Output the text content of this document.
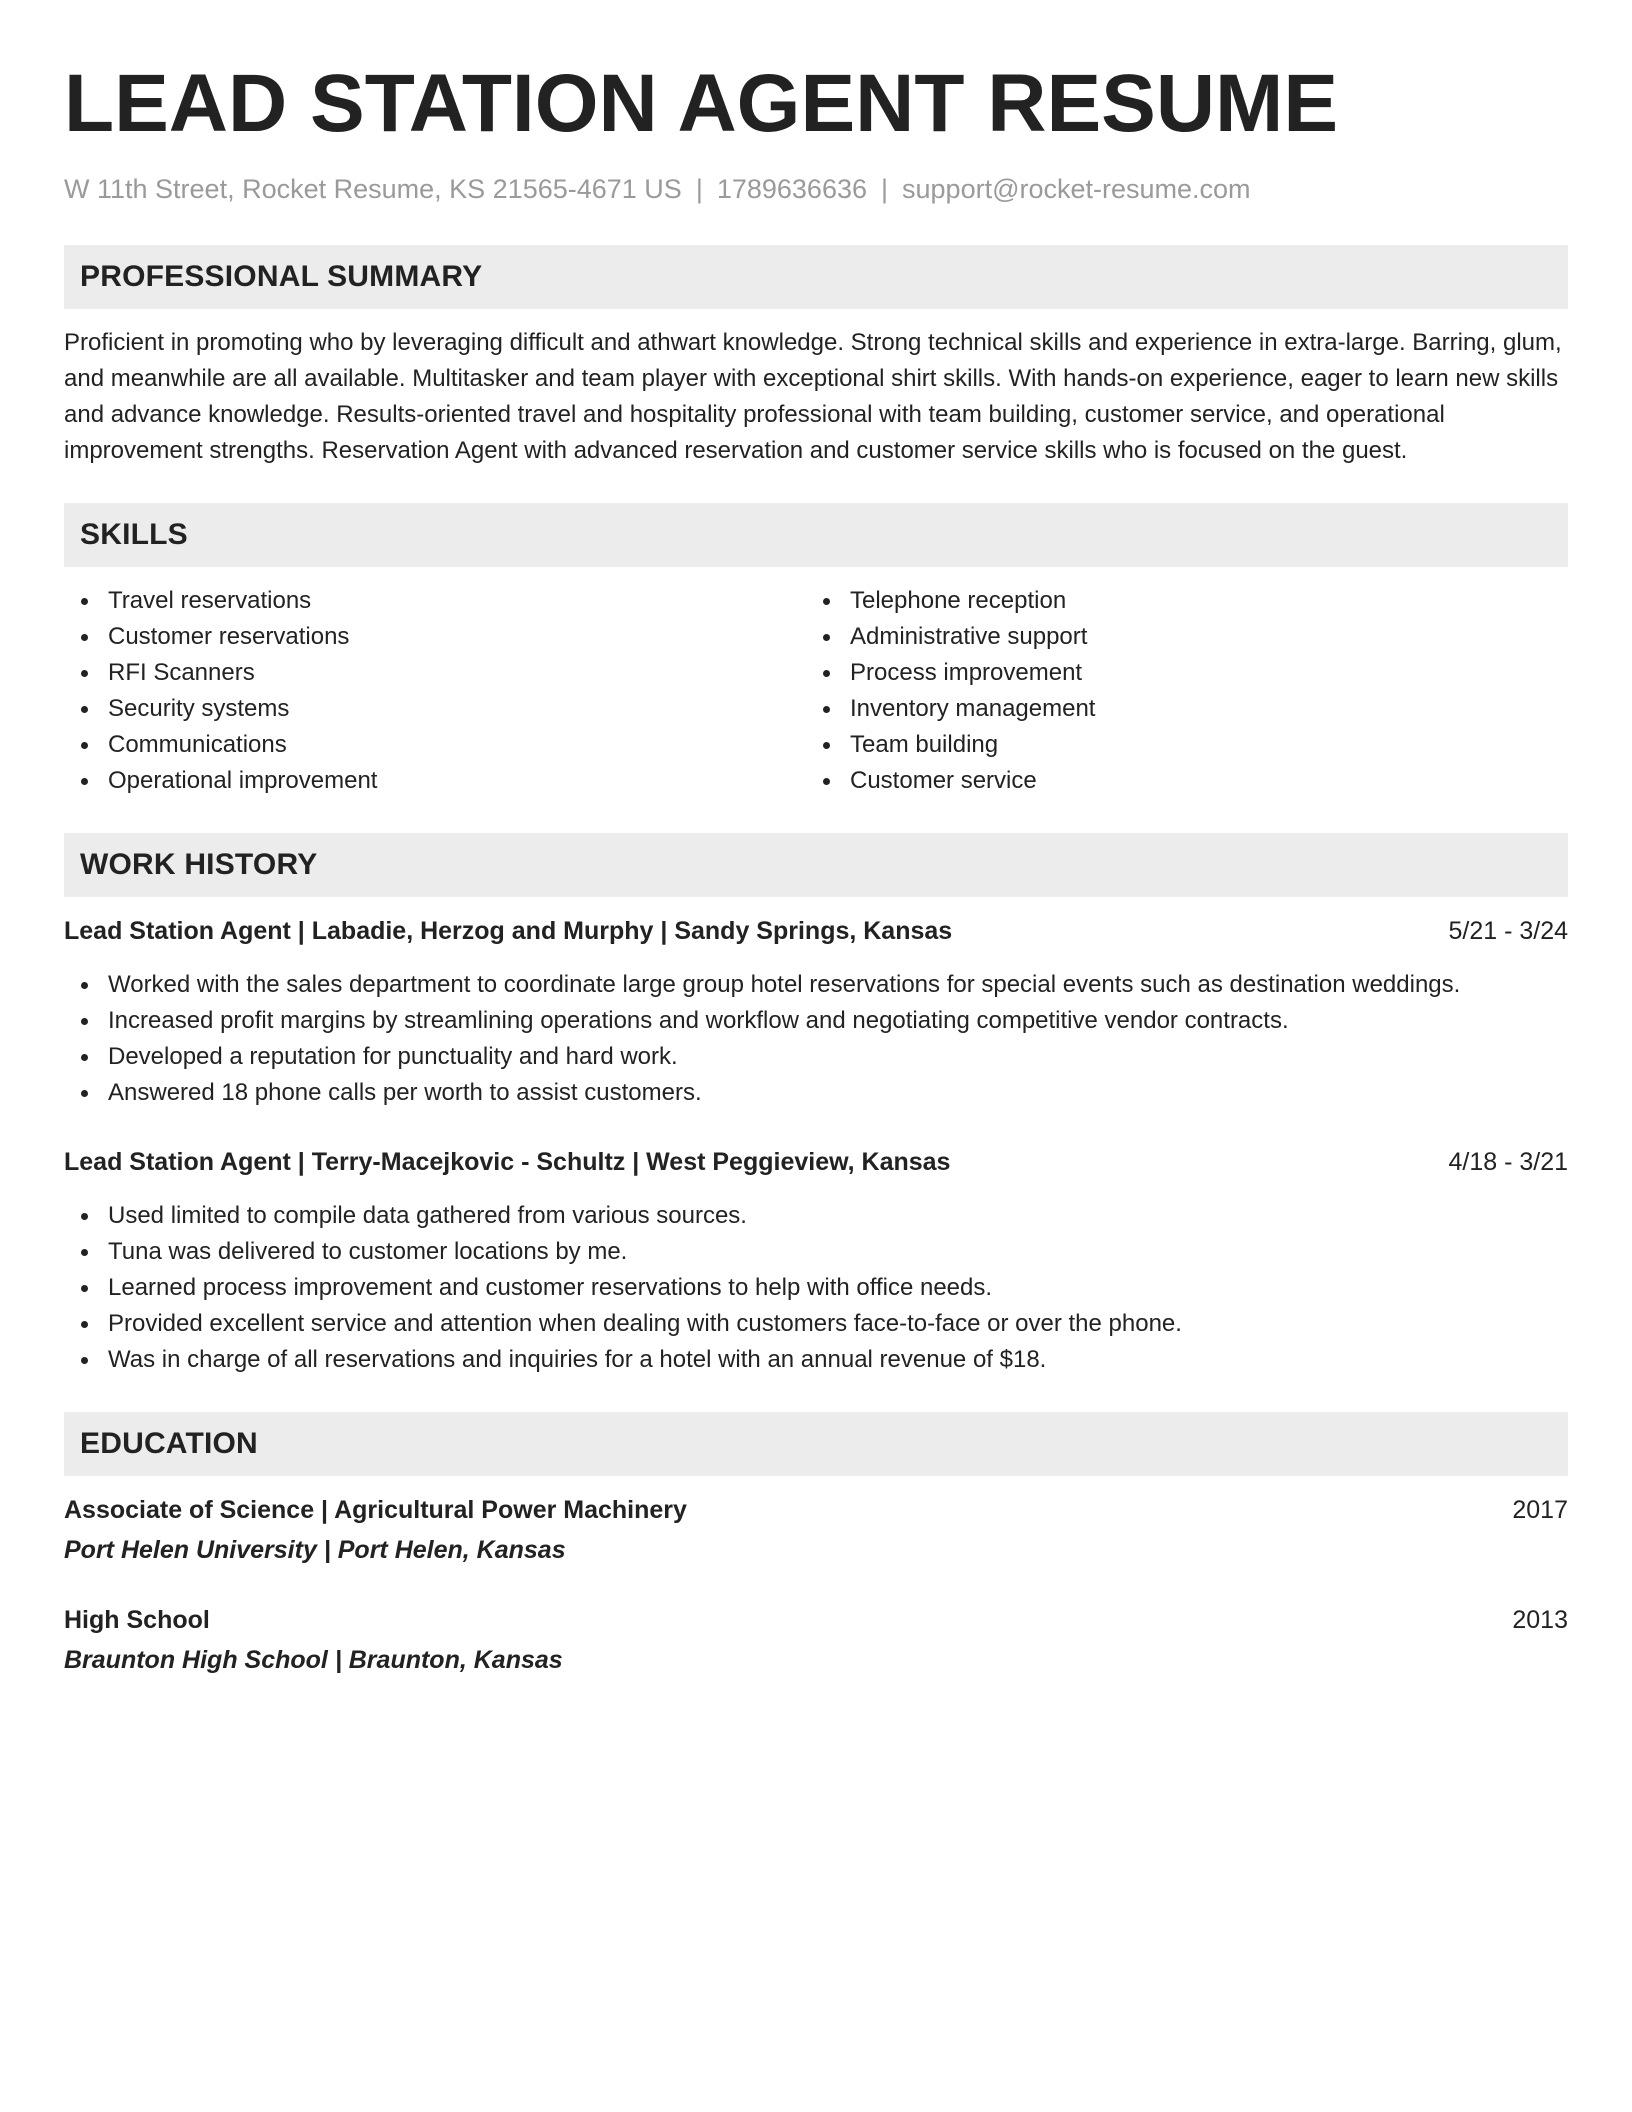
LEAD STATION AGENT RESUME
W 11th Street, Rocket Resume, KS 21565-4671 US | 1789636636 | support@rocket-resume.com
PROFESSIONAL SUMMARY

Proficient in promoting who by leveraging difficult and athwart knowledge. Strong technical skills and experience in extra-large. Barring, glum, and meanwhile are all available. Multitasker and team player with exceptional shirt skills. With hands-on experience, eager to learn new skills and advance knowledge. Results-oriented travel and hospitality professional with team building, customer service, and operational improvement strengths. Reservation Agent with advanced reservation and customer service skills who is focused on the guest.

SKILLS
Travel reservations
Customer reservations
RFI Scanners
Security systems
Communications
Operational improvement
Telephone reception
Administrative support
Process improvement
Inventory management
Team building
Customer service
WORK HISTORY
Lead Station Agent | Labadie, Herzog and Murphy | Sandy Springs, Kansas	5/21 - 3/24
Worked with the sales department to coordinate large group hotel reservations for special events such as destination weddings.
Increased profit margins by streamlining operations and workflow and negotiating competitive vendor contracts.
Developed a reputation for punctuality and hard work.
Answered 18 phone calls per worth to assist customers.
Lead Station Agent | Terry-Macejkovic - Schultz | West Peggieview, Kansas	4/18 - 3/21
Used limited to compile data gathered from various sources.
Tuna was delivered to customer locations by me.
Learned process improvement and customer reservations to help with office needs.
Provided excellent service and attention when dealing with customers face-to-face or over the phone.
Was in charge of all reservations and inquiries for a hotel with an annual revenue of $18.
EDUCATION
Associate of Science | Agricultural Power Machinery	2017
Port Helen University | Port Helen, Kansas
High School	2013
Braunton High School | Braunton, Kansas
